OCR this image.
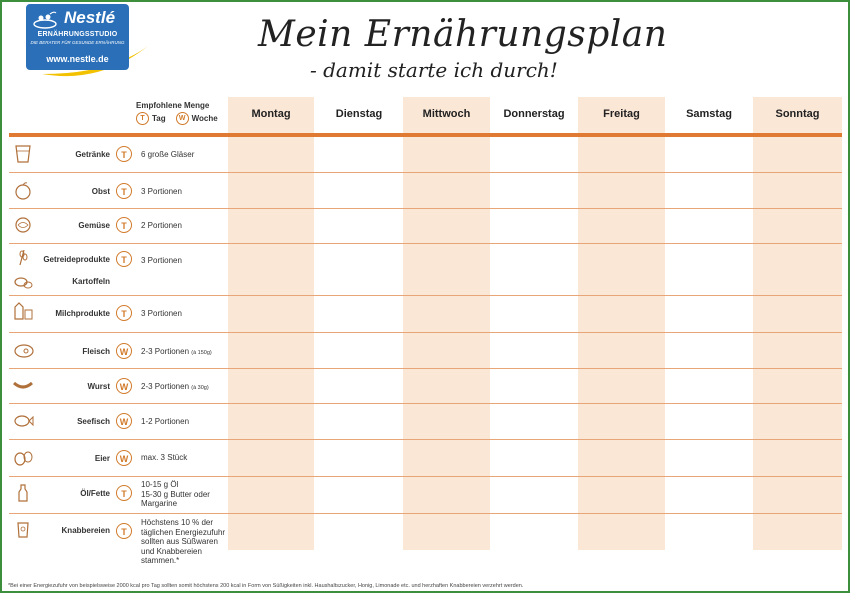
Nestlé
ERNÄHRUNGSSTUDIO
DIE BERATER FÜR GESUNDE ERNÄHRUNG
www.nestle.de
Mein Ernährungsplan
- damit starte ich durch!
Empfohlene Menge
T Tag	W Woche	Montag	Dienstag	Mittwoch	Donnerstag	Freitag	Samstag	Sonntag
Getränke	T	6 große Gläser
Obst	T	3 Portionen
Gemüse	T	2 Portionen
Getreideprodukte
Kartoffeln
T	3 Portionen
Milchprodukte	T	3 Portionen
Fleisch	W	2-3 Portionen (à 150g)
Wurst	W	2-3 Portionen (à 30g)
Seefisch	W	1-2 Portionen
Eier	W	max. 3 Stück
Öl/Fette	T
10-15 g Öl
15-30 g Butter oder
Margarine
Knabbereien	T
Höchstens 10 % der
täglichen Energiezufuhr
sollten aus Süßwaren
und Knabbereien
stammen.*
*Bei einer Energiezufuhr von beispielsweise 2000 kcal pro Tag sollten somit höchstens 200 kcal in Form von Süßigkeiten inkl. Haushaltszucker, Honig, Limonade etc. und herzhaften Knabbereien verzehrt werden.
